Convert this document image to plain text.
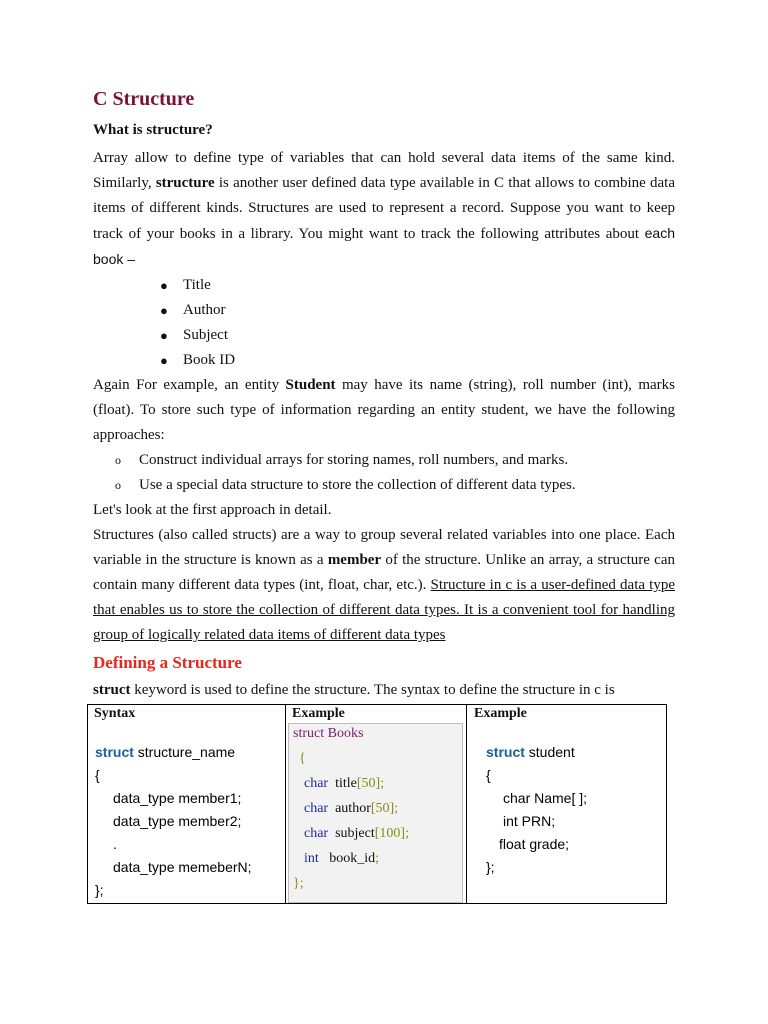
C Structure
What is structure?

Array allow to define type of variables that can hold several data items of the same kind. Similarly, structure is another user defined data type available in C that allows to combine data items of different kinds. Structures are used to represent a record. Suppose you want to keep track of your books in a library. You might want to track the following attributes about each book –

● Title
● Author
● Subject
● Book ID

Again For example, an entity Student may have its name (string), roll number (int), marks (float). To store such type of information regarding an entity student, we have the following approaches:

o Construct individual arrays for storing names, roll numbers, and marks.
o Use a special data structure to store the collection of different data types.

Let's look at the first approach in detail.

Structures (also called structs) are a way to group several related variables into one place. Each variable in the structure is known as a member of the structure. Unlike an array, a structure can contain many different data types (int, float, char, etc.). Structure in c is a user-defined data type that enables us to store the collection of different data types. It is a convenient tool for handling group of logically related data items of different data types

Defining a Structure

struct keyword is used to define the structure. The syntax to define the structure in c is

Syntax
struct structure_name
{
data_type member1;
data_type member2;
.
data_type memeberN;
};
Example
struct Books
{
char  title[50];
char  author[50];
char  subject[100];
int   book_id;
};
Example
struct student
{
char Name[ ];
int PRN;
float grade;
};
